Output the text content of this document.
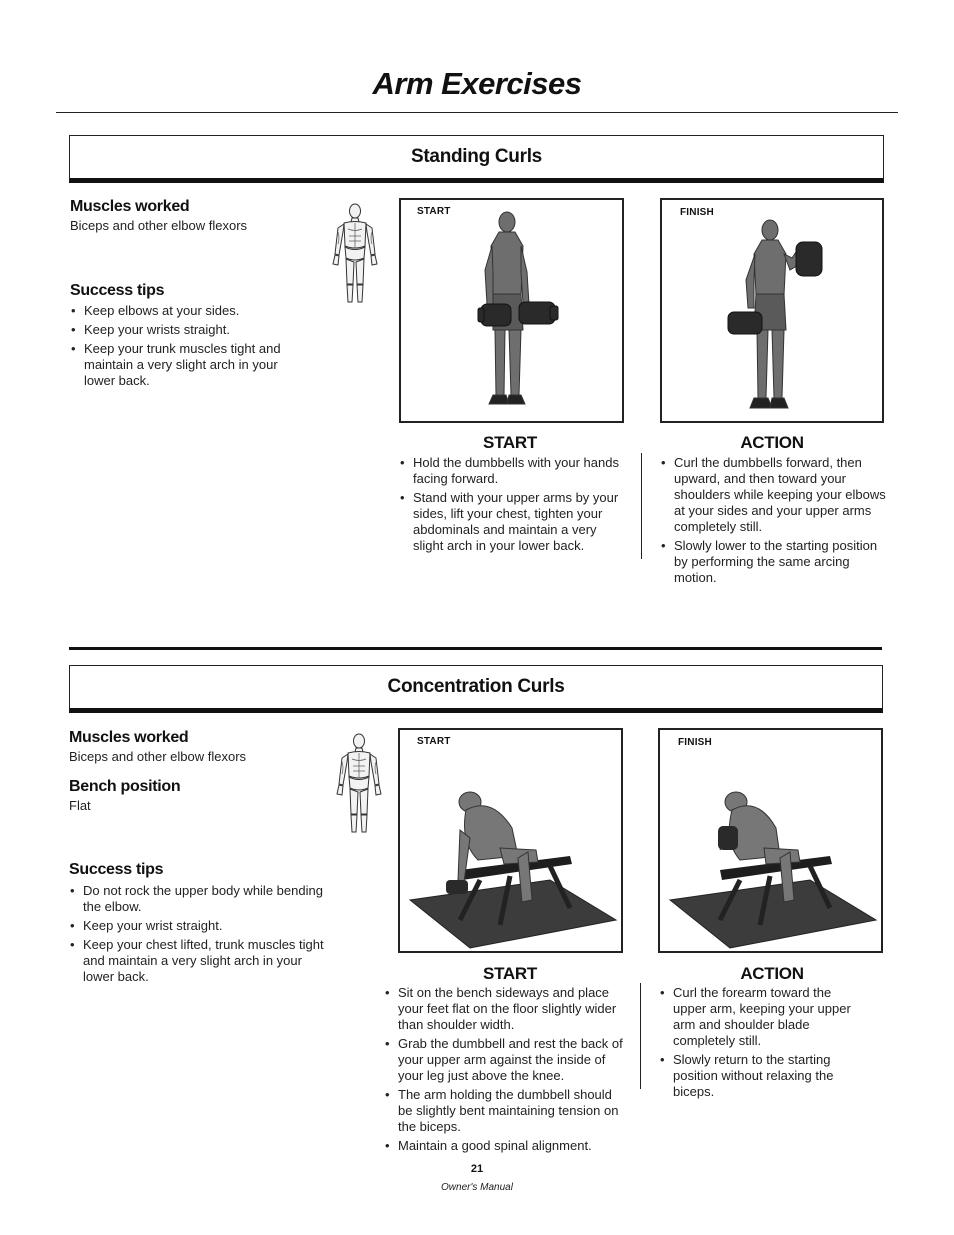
Arm Exercises
Standing Curls
Muscles worked
Biceps and other elbow flexors
Success tips
• Keep elbows at your sides.
• Keep your wrists straight.
• Keep your trunk muscles tight and maintain a very slight arch in your lower back.
START	FINISH
START
• Hold the dumbbells with your hands facing forward.
• Stand with your upper arms by your sides, lift your chest, tighten your abdominals and maintain a very slight arch in your lower back.
ACTION
• Curl the dumbbells forward, then upward, and then toward your shoulders while keeping your elbows at your sides and your upper arms completely still.
• Slowly lower to the starting position by performing the same arcing motion.
Concentration Curls
Muscles worked
Biceps and other elbow flexors
Bench position
Flat
Success tips
• Do not rock the upper body while bending the elbow.
• Keep your wrist straight.
• Keep your chest lifted, trunk muscles tight and maintain a very slight arch in your lower back.
START	FINISH
START
• Sit on the bench sideways and place your feet flat on the floor slightly wider than shoulder width.
• Grab the dumbbell and rest the back of your upper arm against the inside of your leg just above the knee.
• The arm holding the dumbbell should be slightly bent maintaining tension on the biceps.
• Maintain a good spinal alignment.
ACTION
• Curl the forearm toward the upper arm, keeping your upper arm and shoulder blade completely still.
• Slowly return to the starting position without relaxing the biceps.
21
Owner's Manual
